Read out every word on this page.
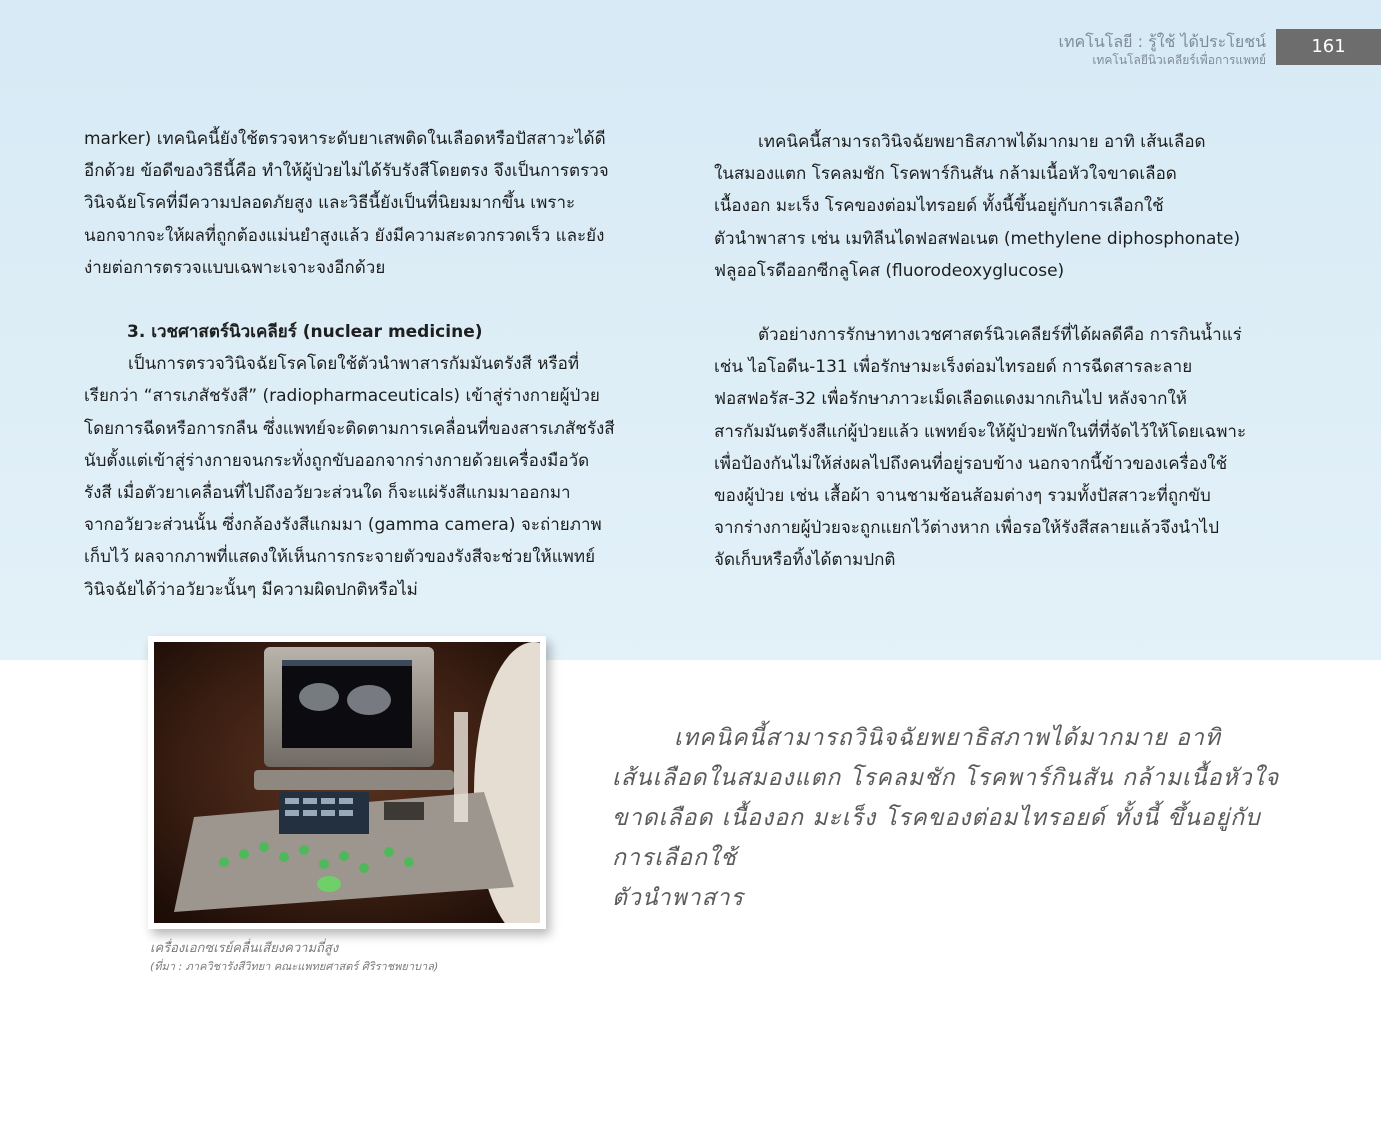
เทคโนโลยี : รู้ใช้ ได้ประโยชน์
เทคโนโลยีนิวเคลียร์เพื่อการแพทย์
161

marker) เทคนิคนี้ยังใช้ตรวจหาระดับยาเสพติดในเลือดหรือปัสสาวะได้ดี

อีกด้วย ข้อดีของวิธีนี้คือ ทำให้ผู้ป่วยไม่ได้รับรังสีโดยตรง จึงเป็นการตรวจ

วินิจฉัยโรคที่มีความปลอดภัยสูง และวิธีนี้ยังเป็นที่นิยมมากขึ้น เพราะ

นอกจากจะให้ผลที่ถูกต้องแม่นยำสูงแล้ว ยังมีความสะดวกรวดเร็ว และยัง

ง่ายต่อการตรวจแบบเฉพาะเจาะจงอีกด้วย

3. เวชศาสตร์นิวเคลียร์ (nuclear medicine)

เป็นการตรวจวินิจฉัยโรคโดยใช้ตัวนำพาสารกัมมันตรังสี หรือที่

เรียกว่า “สารเภสัชรังสี” (radiopharmaceuticals) เข้าสู่ร่างกายผู้ป่วย

โดยการฉีดหรือการกลืน ซึ่งแพทย์จะติดตามการเคลื่อนที่ของสารเภสัชรังสี

นับตั้งแต่เข้าสู่ร่างกายจนกระทั่งถูกขับออกจากร่างกายด้วยเครื่องมือวัด

รังสี เมื่อตัวยาเคลื่อนที่ไปถึงอวัยวะส่วนใด ก็จะแผ่รังสีแกมมาออกมา

จากอวัยวะส่วนนั้น ซึ่งกล้องรังสีแกมมา (gamma camera) จะถ่ายภาพ

เก็บไว้ ผลจากภาพที่แสดงให้เห็นการกระจายตัวของรังสีจะช่วยให้แพทย์

วินิจฉัยได้ว่าอวัยวะนั้นๆ มีความผิดปกติหรือไม่

เทคนิคนี้สามารถวินิจฉัยพยาธิสภาพได้มากมาย อาทิ เส้นเลือด

ในสมองแตก โรคลมชัก โรคพาร์กินสัน กล้ามเนื้อหัวใจขาดเลือด

เนื้องอก มะเร็ง โรคของต่อมไทรอยด์ ทั้งนี้ขึ้นอยู่กับการเลือกใช้

ตัวนำพาสาร เช่น เมทิลีนไดฟอสฟอเนต (methylene diphosphonate)

ฟลูออโรดีออกซีกลูโคส (fluorodeoxyglucose)

ตัวอย่างการรักษาทางเวชศาสตร์นิวเคลียร์ที่ได้ผลดีคือ การกินน้ำแร่

เช่น ไอโอดีน-131 เพื่อรักษามะเร็งต่อมไทรอยด์ การฉีดสารละลาย

ฟอสฟอรัส-32 เพื่อรักษาภาวะเม็ดเลือดแดงมากเกินไป หลังจากให้

สารกัมมันตรังสีแก่ผู้ป่วยแล้ว แพทย์จะให้ผู้ป่วยพักในที่ที่จัดไว้ให้โดยเฉพาะ

เพื่อป้องกันไม่ให้ส่งผลไปถึงคนที่อยู่รอบข้าง นอกจากนี้ข้าวของเครื่องใช้

ของผู้ป่วย เช่น เสื้อผ้า จานชามช้อนส้อมต่างๆ รวมทั้งปัสสาวะที่ถูกขับ

จากร่างกายผู้ป่วยจะถูกแยกไว้ต่างหาก เพื่อรอให้รังสีสลายแล้วจึงนำไป

จัดเก็บหรือทิ้งได้ตามปกติ

เครื่องเอกซเรย์คลื่นเสียงความถี่สูง
(ที่มา : ภาควิชารังสีวิทยา คณะแพทยศาสตร์ ศิริราชพยาบาล)

เทคนิคนี้สามารถวินิจฉัยพยาธิสภาพได้มากมาย อาทิ

เส้นเลือดในสมองแตก โรคลมชัก โรคพาร์กินสัน กล้ามเนื้อหัวใจ

ขาดเลือด เนื้องอก มะเร็ง โรคของต่อมไทรอยด์ ทั้งนี้ ขึ้นอยู่กับการเลือกใช้

ตัวนำพาสาร
